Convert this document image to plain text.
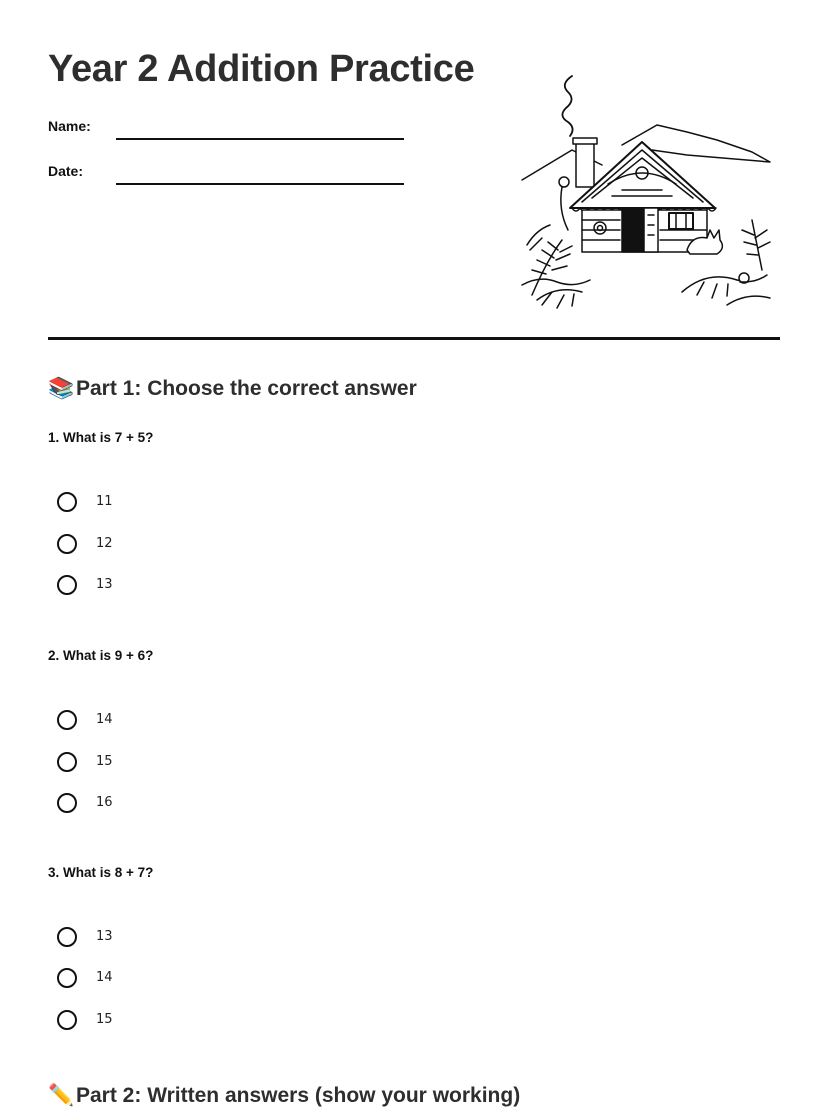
Year 2 Addition Practice
Name:
Date:
📚Part 1: Choose the correct answer
1. What is 7 + 5?
11
12
13
2. What is 9 + 6?
14
15
16
3. What is 8 + 7?
13
14
15
✏️Part 2: Written answers (show your working)
